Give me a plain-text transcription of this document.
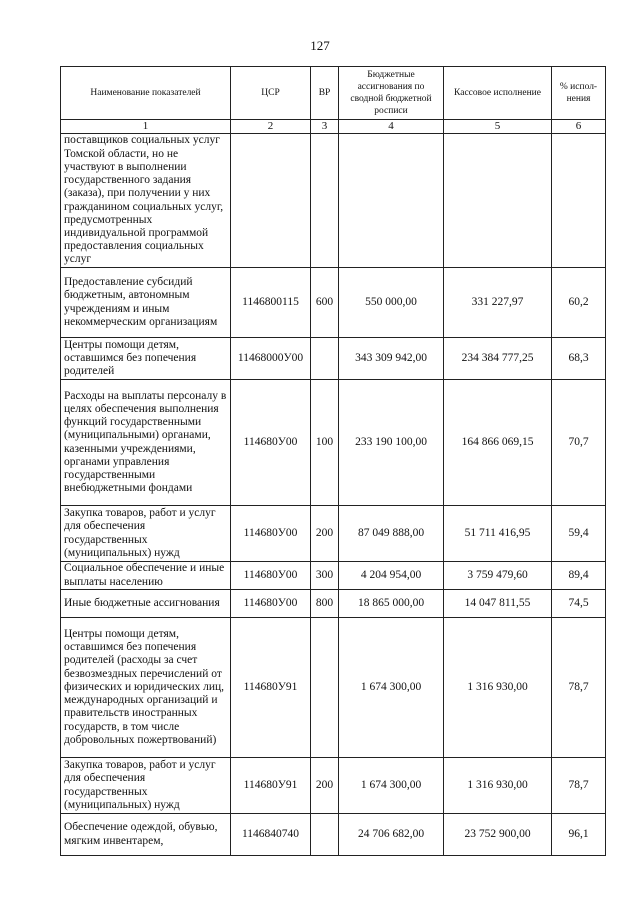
127
Наименование показателей	ЦСР	ВР	Бюджетные ассигнования по сводной бюджетной росписи	Кассовое исполнение	% испол-нения
1	2	3	4	5	6
поставщиков социальных услуг Томской области, но не участвуют в выполнении государственного задания (заказа), при получении у них гражданином социальных услуг, предусмотренных индивидуальной программой предоставления социальных услуг					
Предоставление субсидий бюджетным, автономным учреждениям и иным некоммерческим организациям	1146800115	600	550 000,00	331 227,97	60,2
Центры помощи детям, оставшимся без попечения родителей	11468000У00		343 309 942,00	234 384 777,25	68,3
Расходы на выплаты персоналу в целях обеспечения выполнения функций государственными (муниципальными) органами, казенными учреждениями, органами управления государственными внебюджетными фондами	114680У00	100	233 190 100,00	164 866 069,15	70,7
Закупка товаров, работ и услуг для обеспечения государственных (муниципальных) нужд	114680У00	200	87 049 888,00	51 711 416,95	59,4
Социальное обеспечение и иные выплаты населению	114680У00	300	4 204 954,00	3 759 479,60	89,4
Иные бюджетные ассигнования	114680У00	800	18 865 000,00	14 047 811,55	74,5
Центры помощи детям, оставшимся без попечения родителей (расходы за счет безвозмездных перечислений от физических и юридических лиц, международных организаций и правительств иностранных государств, в том числе добровольных пожертвований)	114680У91		1 674 300,00	1 316 930,00	78,7
Закупка товаров, работ и услуг для обеспечения государственных (муниципальных) нужд	114680У91	200	1 674 300,00	1 316 930,00	78,7
Обеспечение одеждой, обувью, мягким инвентарем,	1146840740		24 706 682,00	23 752 900,00	96,1
